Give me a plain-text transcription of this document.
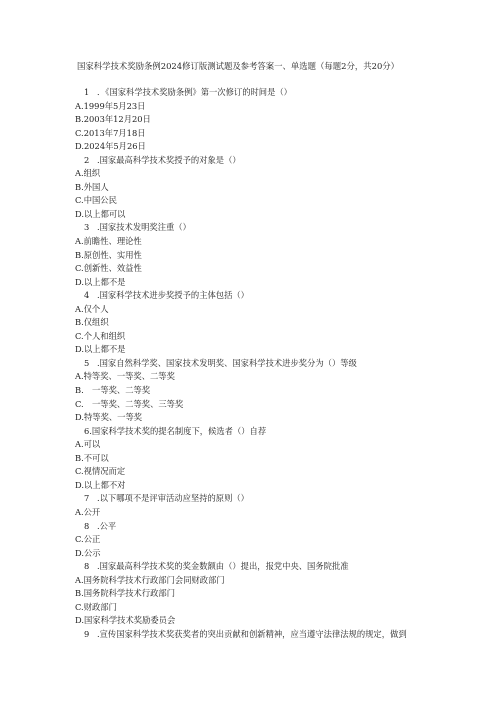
国家科学技术奖励条例2024修订版测试题及参考答案一、单选题（每题2分，共20分）
1 ．《国家科学技术奖励条例》第一次修订的时间是（）
A.1999年5月23日
B.2003年12月20日
C.2013年7月18日
D.2024年5月26日
2 .国家最高科学技术奖授予的对象是（）
A.组织
B.外国人
C.中国公民
D.以上都可以
3 .国家技术发明奖注重（）
A.前瞻性、理论性
B.原创性、实用性
C.创新性、效益性
D.以上都不是
4 .国家科学技术进步奖授予的主体包括（）
A.仅个人
B.仅组织
C.个人和组织
D.以上都不是
5 .国家自然科学奖、国家技术发明奖、国家科学技术进步奖分为（）等级
A.特等奖、一等奖、二等奖
B.　一等奖、二等奖
C.　一等奖、二等奖、三等奖
D.特等奖、一等奖
6.国家科学技术奖的提名制度下，候选者（）自荐
A.可以
B.不可以
C.视情况而定
D.以上都不对
7 .以下哪项不是评审活动应坚持的原则（）
A.公开
8 .公平
C.公正
D.公示
8 .国家最高科学技术奖的奖金数额由（）提出，报党中央、国务院批准
A.国务院科学技术行政部门会同财政部门
B.国务院科学技术行政部门
C.财政部门
D.国家科学技术奖励委员会
9 .宣传国家科学技术奖获奖者的突出贡献和创新精神，应当遵守法律法规的规定，做到
